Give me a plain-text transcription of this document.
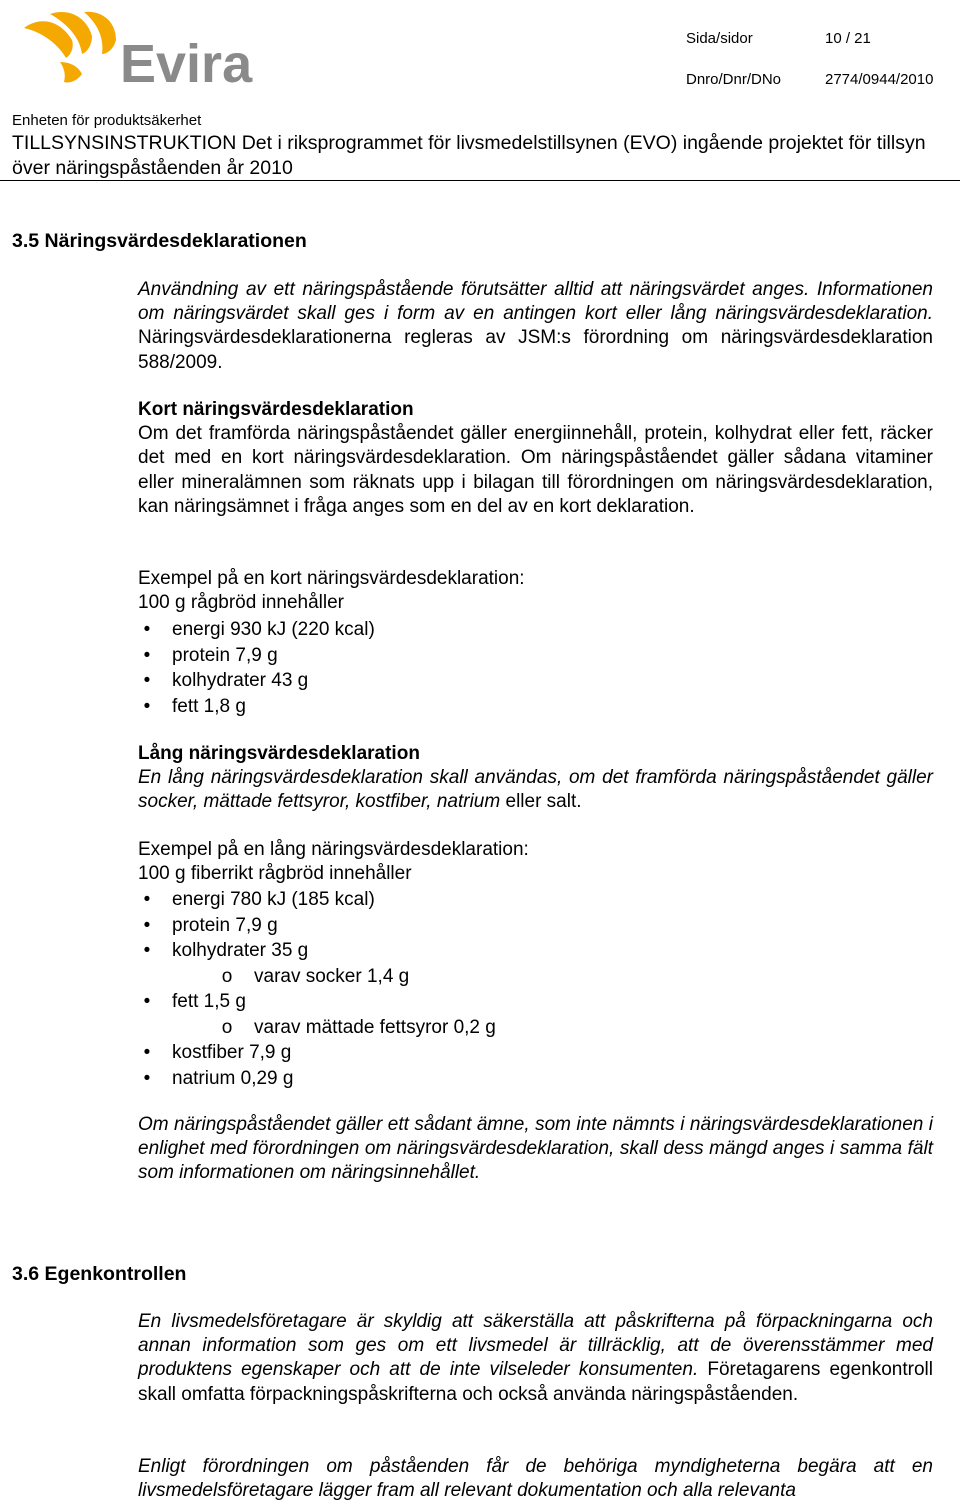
Evira	Sida/sidor	10 / 21
Dnro/Dnr/DNo	2774/0944/2010
Enheten för produktsäkerhet
TILLSYNSINSTRUKTION Det i riksprogrammet för livsmedelstillsynen (EVO) ingående projektet för tillsyn över näringspåståenden år 2010
3.5 Näringsvärdesdeklarationen
Användning av ett näringspåstående förutsätter alltid att näringsvärdet anges. Informationen om näringsvärdet skall ges i form av en antingen kort eller lång näringsvärdesdeklaration. Näringsvärdesdeklarationerna regleras av JSM:s förordning om näringsvärdesdeklaration 588/2009.
Kort näringsvärdesdeklaration
Om det framförda näringspåståendet gäller energiinnehåll, protein, kolhydrat eller fett, räcker det med en kort näringsvärdesdeklaration. Om näringspåståendet gäller sådana vitaminer eller mineralämnen som räknats upp i bilagan till förordningen om näringsvärdesdeklaration, kan näringsämnet i fråga anges som en del av en kort deklaration.
Exempel på en kort näringsvärdesdeklaration:
100 g rågbröd innehåller
• energi 930 kJ (220 kcal)
• protein 7,9 g
• kolhydrater 43 g
• fett 1,8 g
Lång näringsvärdesdeklaration
En lång näringsvärdesdeklaration skall användas, om det framförda näringspåståendet gäller socker, mättade fettsyror, kostfiber, natrium eller salt.
Exempel på en lång näringsvärdesdeklaration:
100 g fiberrikt rågbröd innehåller
• energi 780 kJ (185 kcal)
• protein 7,9 g
• kolhydrater 35 g
o varav socker 1,4 g
• fett 1,5 g
o varav mättade fettsyror 0,2 g
• kostfiber 7,9 g
• natrium 0,29 g
Om näringspåståendet gäller ett sådant ämne, som inte nämnts i näringsvärdesdeklarationen i enlighet med förordningen om näringsvärdesdeklaration, skall dess mängd anges i samma fält som informationen om näringsinnehållet.
3.6 Egenkontrollen
En livsmedelsföretagare är skyldig att säkerställa att påskrifterna på förpackningarna och annan information som ges om ett livsmedel är tillräcklig, att de överensstämmer med produktens egenskaper och att de inte vilseleder konsumenten. Företagarens egenkontroll skall omfatta förpackningspåskrifterna och också använda näringspåståenden.
Enligt förordningen om påståenden får de behöriga myndigheterna begära att en livsmedelsföretagare lägger fram all relevant dokumentation och alla relevanta
